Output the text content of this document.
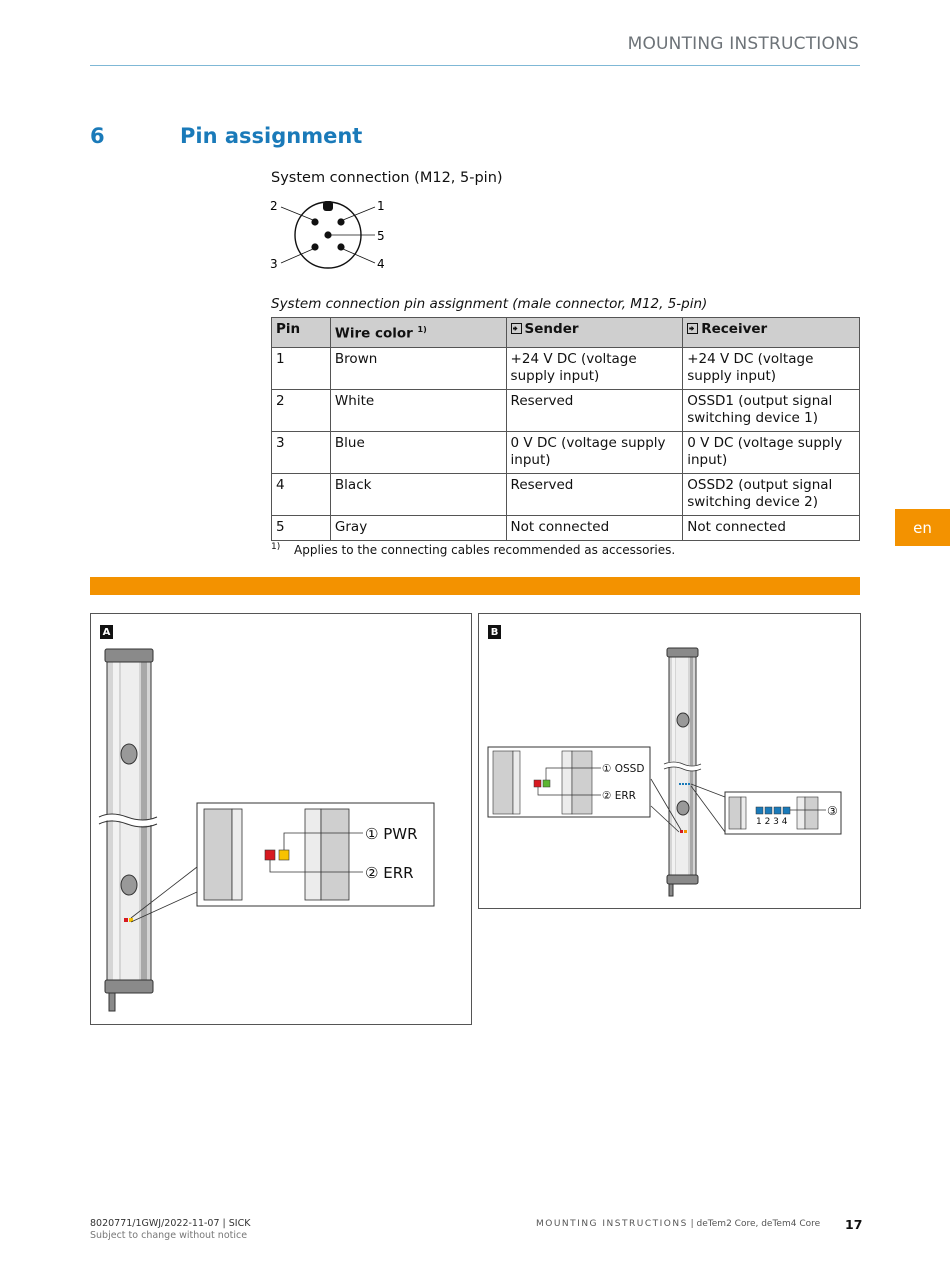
MOUNTING INSTRUCTIONS
6	Pin assignment
System connection (M12, 5-pin)
2	1
5
3	4
System connection pin assignment (male connector, M12, 5-pin)
Pin	Wire color $^{1)}$	Sender	Receiver
1	Brown	+24 V DC (voltage supply input)	+24 V DC (voltage supply input)
2	White	Reserved	OSSD1 (output signal switching device 1)
3	Blue	0 V DC (voltage supply input)	0 V DC (voltage supply input)
4	Black	Reserved	OSSD2 (output signal switching device 2)
5	Gray	Not connected	Not connected
1) Applies to the connecting cables recommended as accessories.
en
A
① PWR
② ERR
B
① OSSD
② ERR
1 2 3 4
③
8020771/1GWJ/2022-11-07 | SICK
Subject to change without notice
MOUNTING INSTRUCTIONS | deTem2 Core, deTem4 Core 17
